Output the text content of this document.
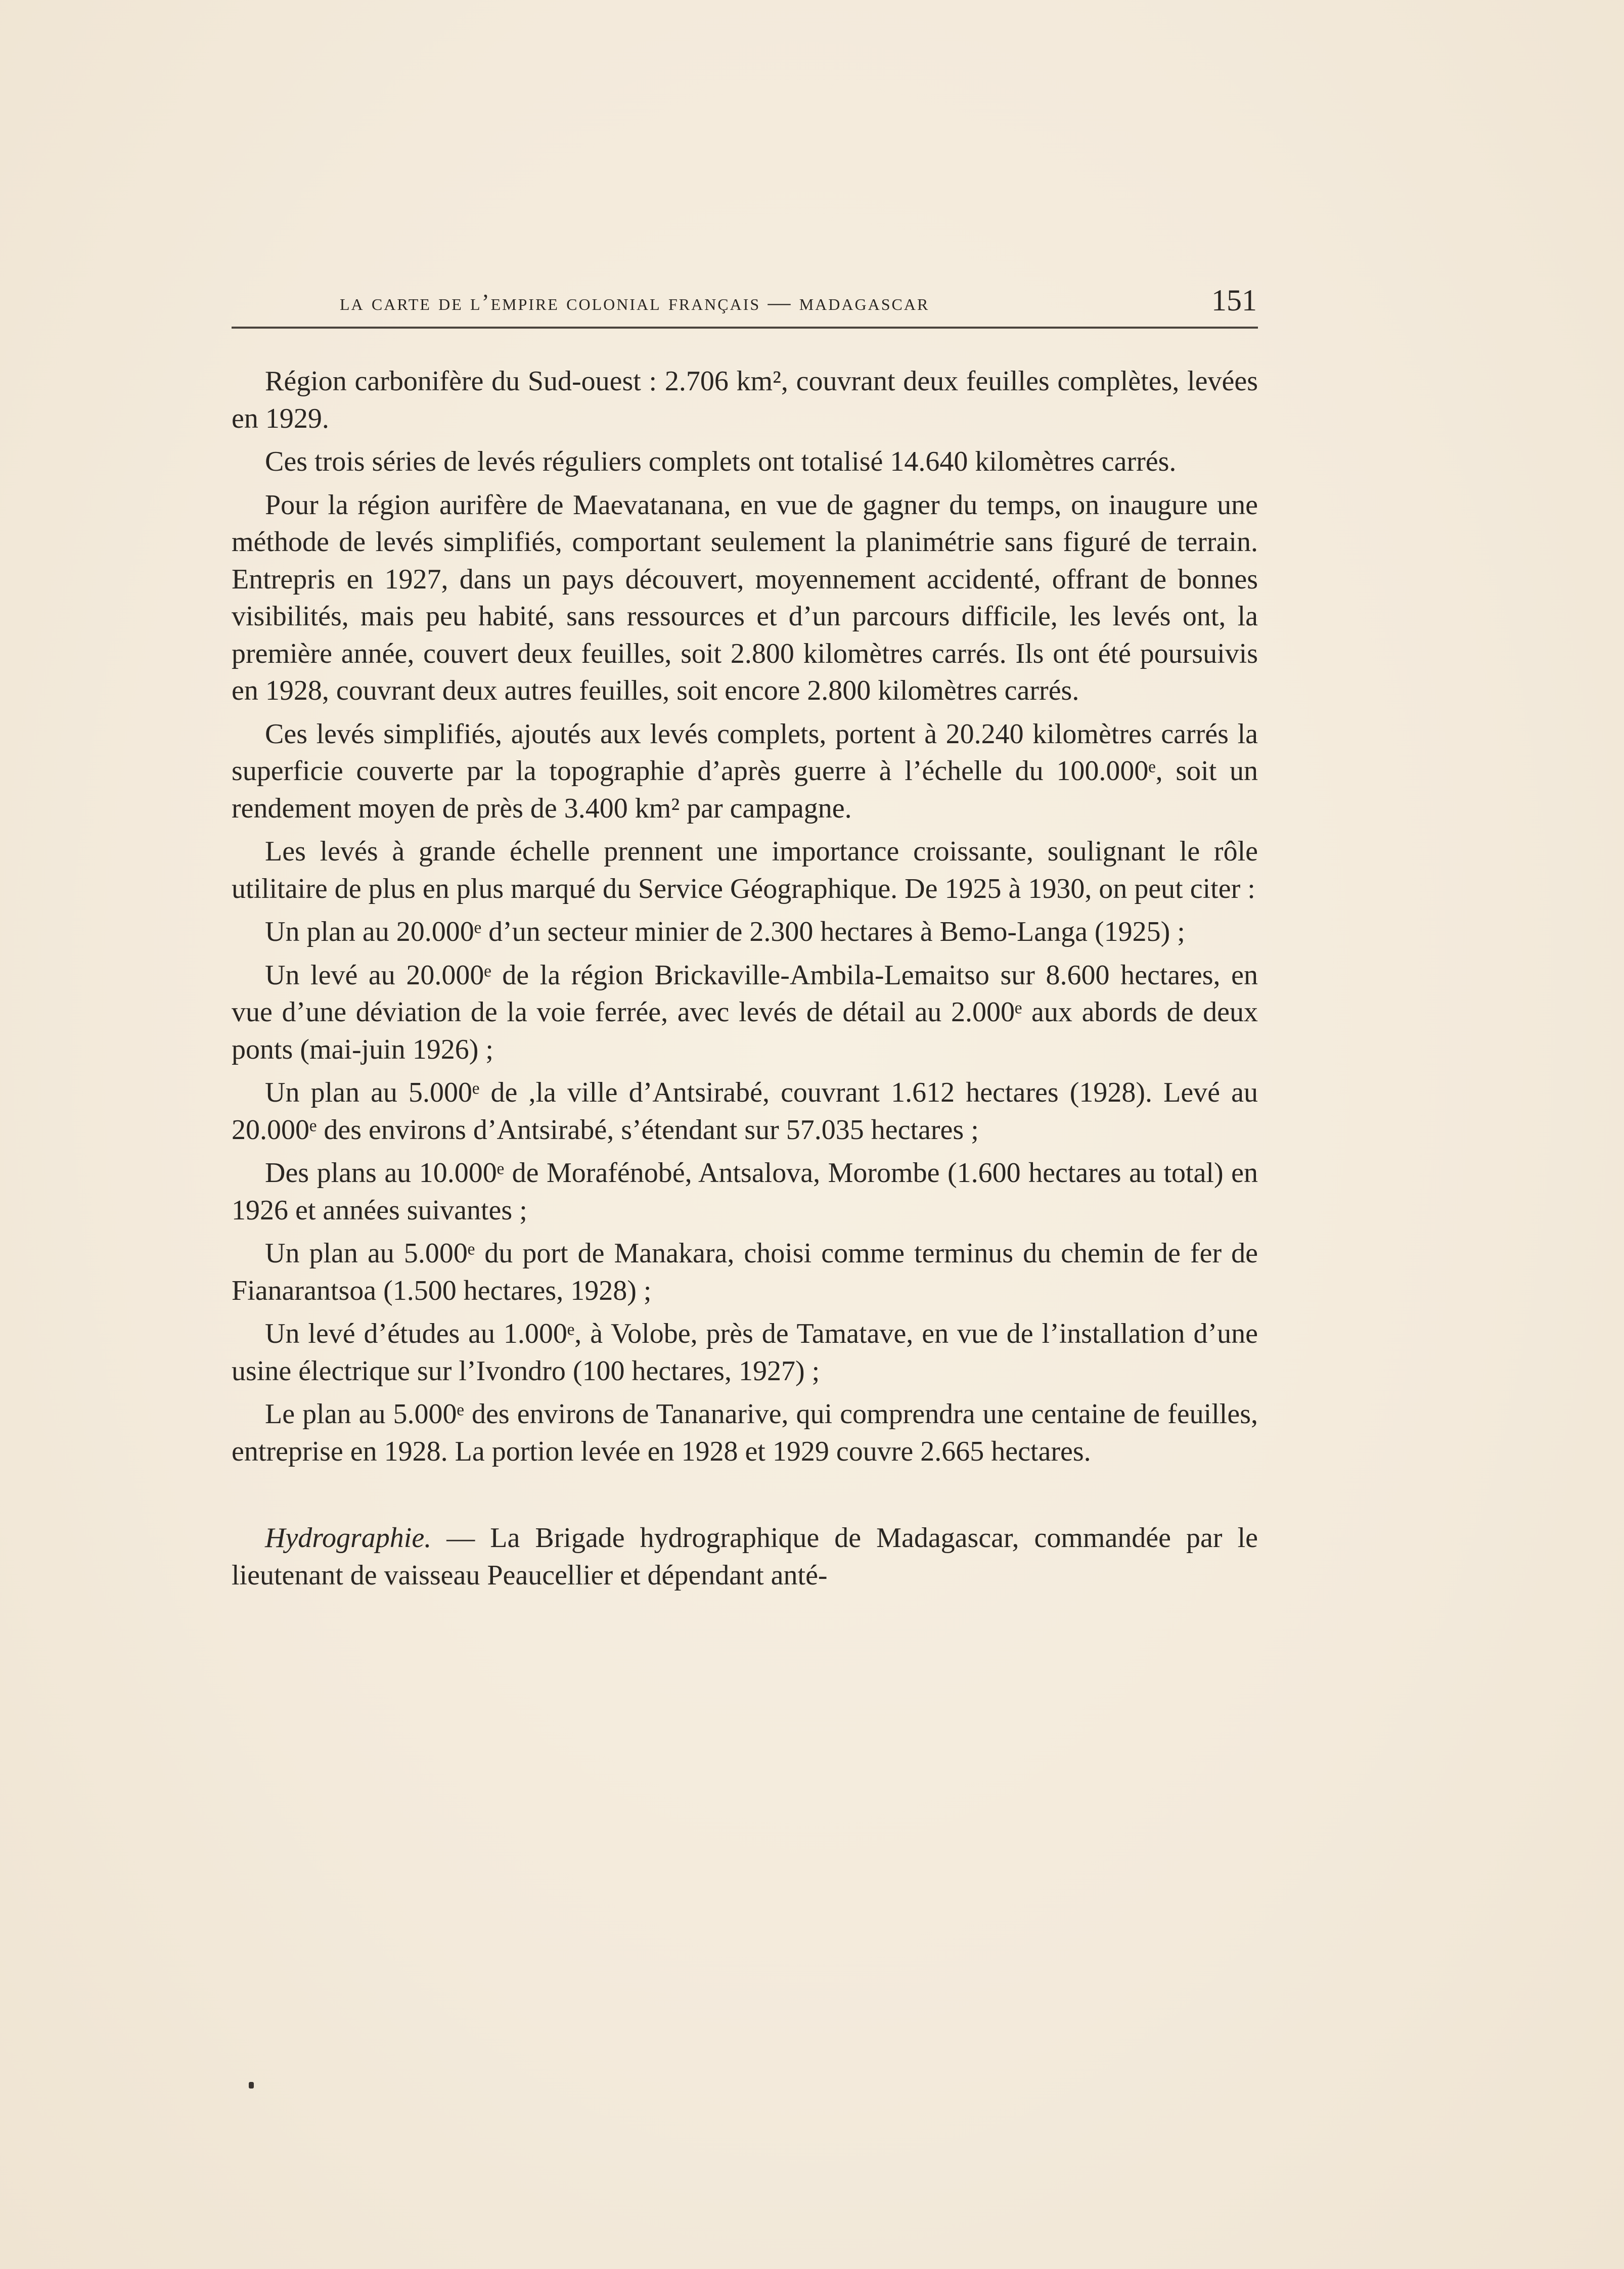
la carte de l’empire colonial français — madagascar	151

Région carbonifère du Sud-ouest : 2.706 km², couvrant deux feuilles complètes, levées en 1929.

Ces trois séries de levés réguliers complets ont totalisé 14.640 kilomètres carrés.

Pour la région aurifère de Maevatanana, en vue de gagner du temps, on inaugure une méthode de levés simplifiés, comportant seulement la planimétrie sans figuré de terrain. Entrepris en 1927, dans un pays découvert, moyennement accidenté, offrant de bonnes visibilités, mais peu habité, sans ressources et d’un parcours difficile, les levés ont, la première année, couvert deux feuilles, soit 2.800 kilomètres carrés. Ils ont été poursuivis en 1928, couvrant deux autres feuilles, soit encore 2.800 kilomètres carrés.

Ces levés simplifiés, ajoutés aux levés complets, portent à 20.240 kilomètres carrés la superficie couverte par la topographie d’après guerre à l’échelle du 100.000ᵉ, soit un rendement moyen de près de 3.400 km² par campagne.

Les levés à grande échelle prennent une importance croissante, soulignant le rôle utilitaire de plus en plus marqué du Service Géographique. De 1925 à 1930, on peut citer :

Un plan au 20.000ᵉ d’un secteur minier de 2.300 hectares à Bemo-Langa (1925) ;

Un levé au 20.000ᵉ de la région Brickaville-Ambila-Lemaitso sur 8.600 hectares, en vue d’une déviation de la voie ferrée, avec levés de détail au 2.000ᵉ aux abords de deux ponts (mai-juin 1926) ;

Un plan au 5.000ᵉ de ,la ville d’Antsirabé, couvrant 1.612 hectares (1928). Levé au 20.000ᵉ des environs d’Antsirabé, s’étendant sur 57.035 hectares ;

Des plans au 10.000ᵉ de Morafénobé, Antsalova, Morombe (1.600 hectares au total) en 1926 et années suivantes ;

Un plan au 5.000ᵉ du port de Manakara, choisi comme terminus du chemin de fer de Fianarantsoa (1.500 hectares, 1928) ;

Un levé d’études au 1.000ᵉ, à Volobe, près de Tamatave, en vue de l’installation d’une usine électrique sur l’Ivondro (100 hectares, 1927) ;

Le plan au 5.000ᵉ des environs de Tananarive, qui comprendra une centaine de feuilles, entreprise en 1928. La portion levée en 1928 et 1929 couvre 2.665 hectares.

Hydrographie. — La Brigade hydrographique de Madagascar, commandée par le lieutenant de vaisseau Peaucellier et dépendant anté-
